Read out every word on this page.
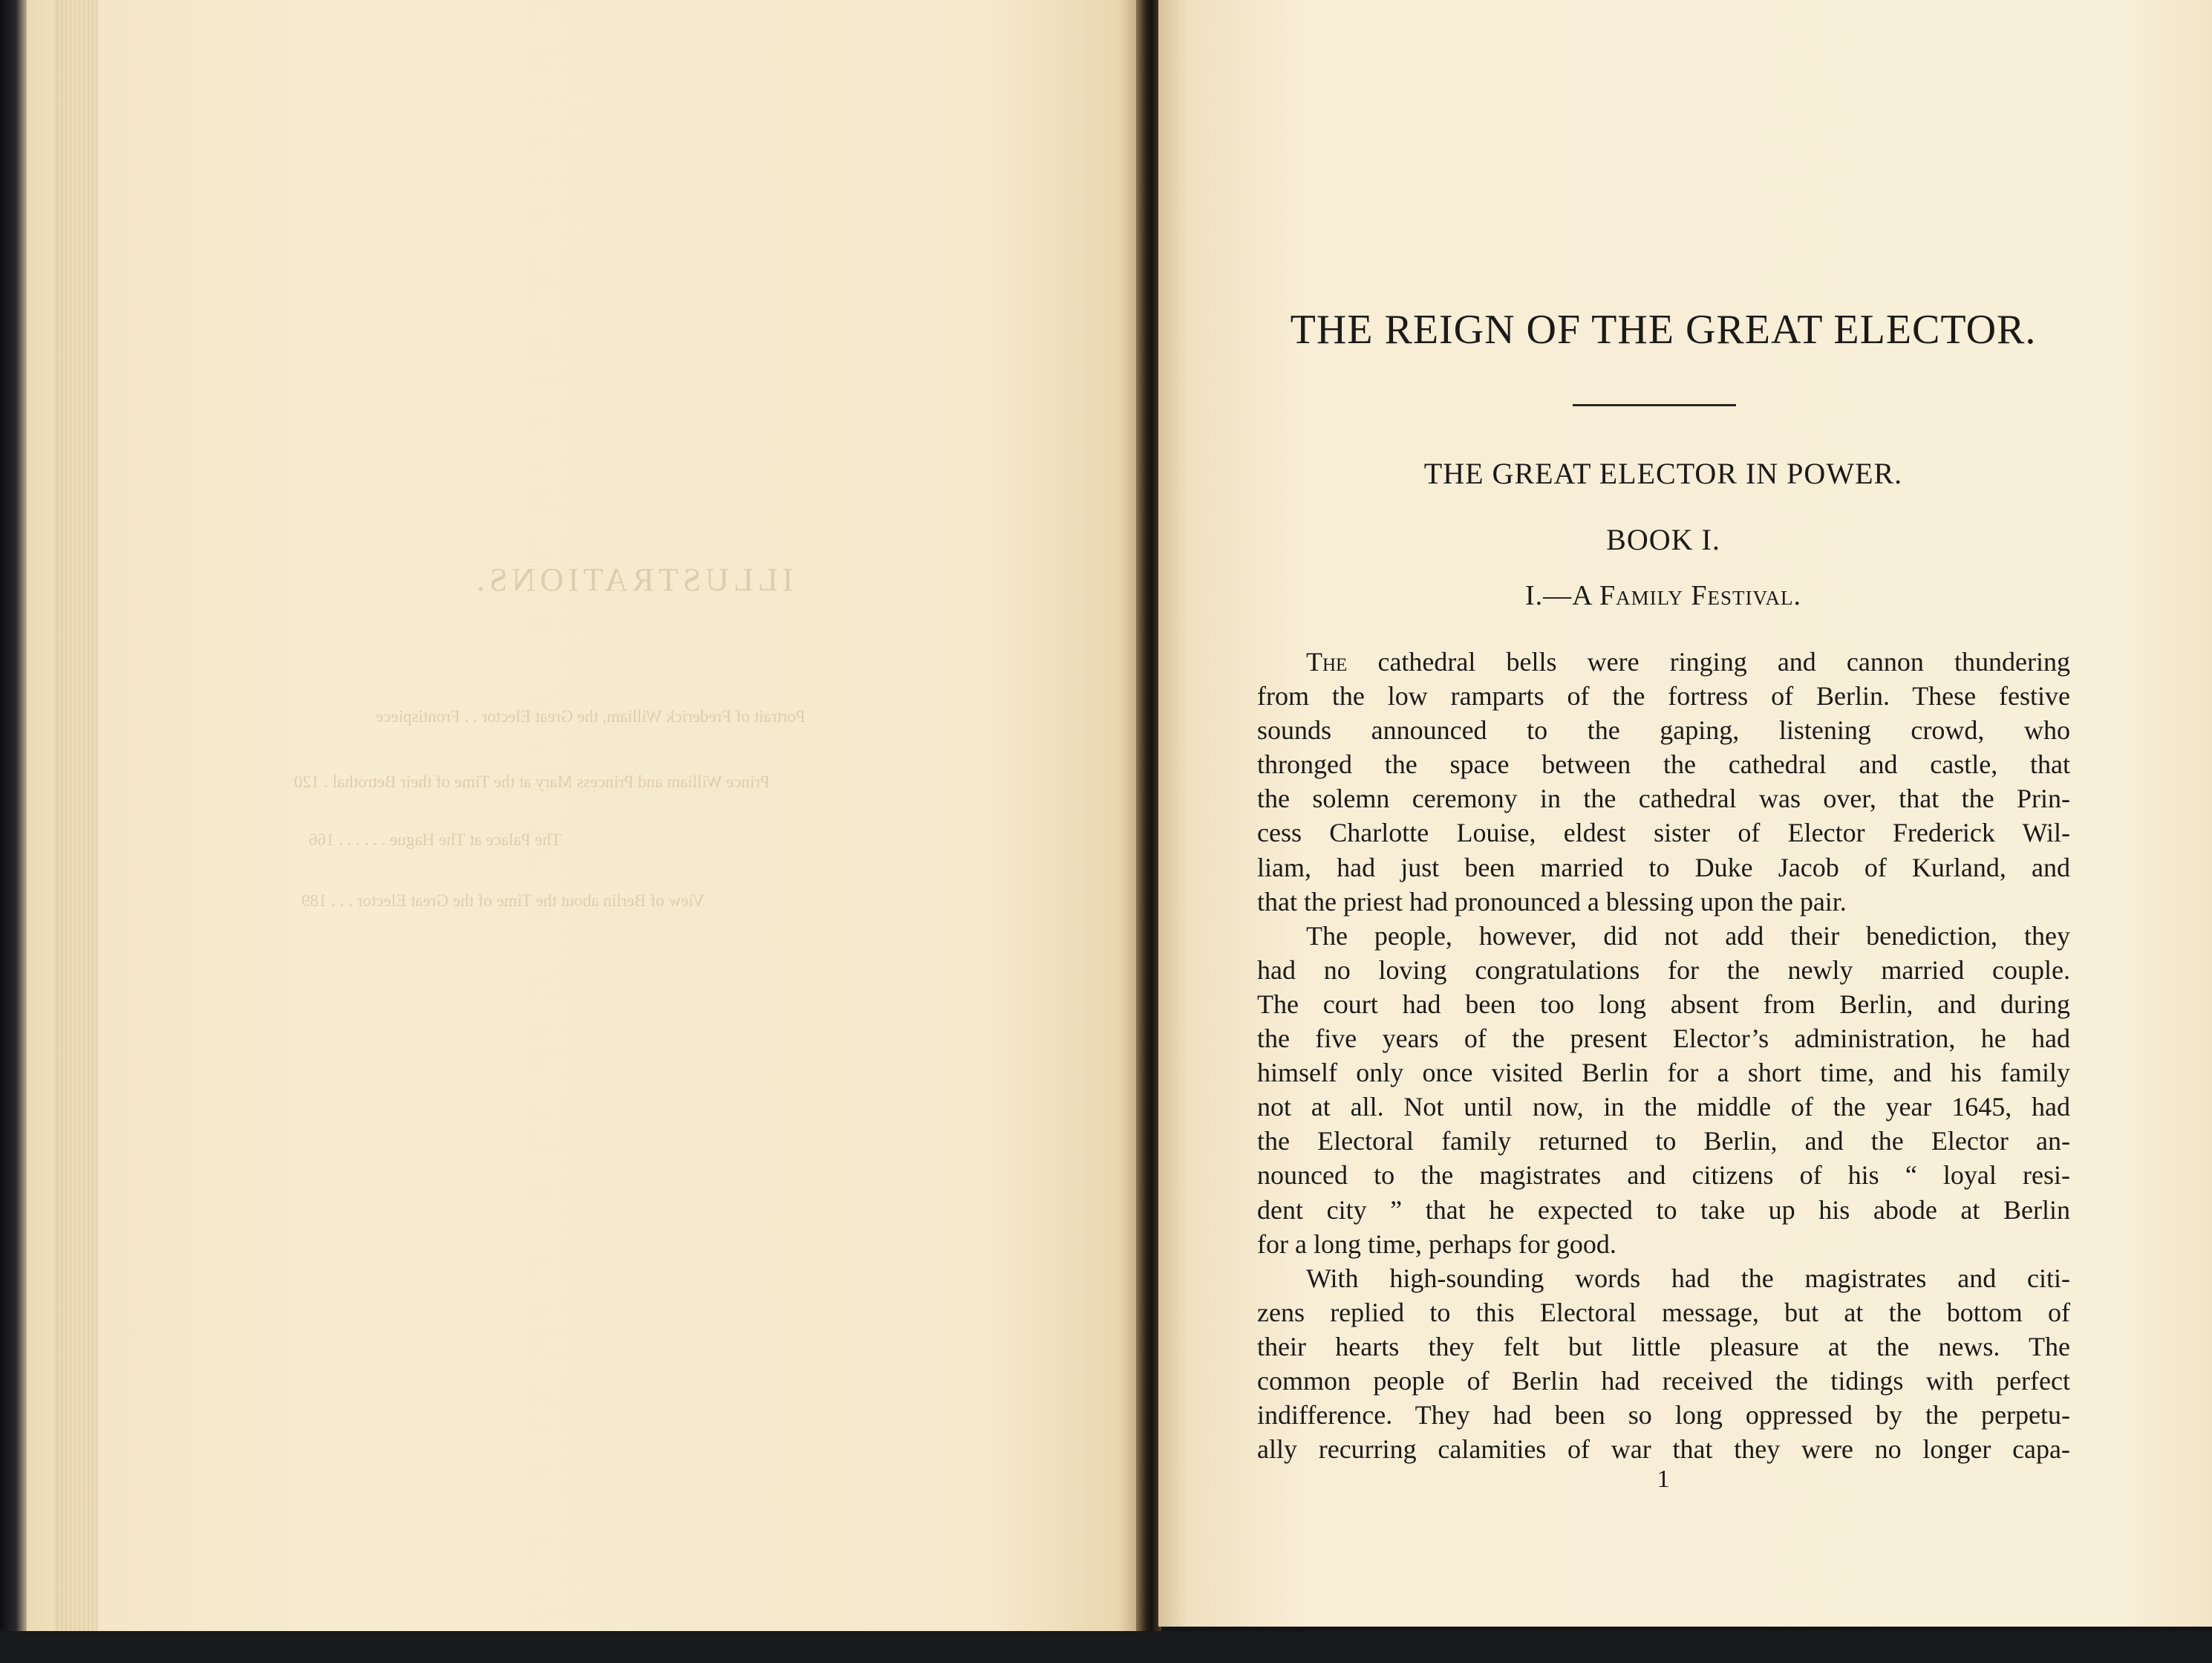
ILLUSTRATIONS.
Portrait of Frederick William, the Great Elector . . Frontispiece
Prince William and Princess Mary at the Time of their Betrothal . 120
The Palace at The Hague . . . . . . 166
View of Berlin about the Time of the Great Elector . . . 189
THE REIGN OF THE GREAT ELECTOR.
THE GREAT ELECTOR IN POWER.
BOOK I.
I.—A Family Festival.
The cathedral bells were ringing and cannon thundering
from the low ramparts of the fortress of Berlin. These festive
sounds announced to the gaping, listening crowd, who
thronged the space between the cathedral and castle, that
the solemn ceremony in the cathedral was over, that the Prin-
cess Charlotte Louise, eldest sister of Elector Frederick Wil-
liam, had just been married to Duke Jacob of Kurland, and
that the priest had pronounced a blessing upon the pair.
The people, however, did not add their benediction, they
had no loving congratulations for the newly married couple.
The court had been too long absent from Berlin, and during
the five years of the present Elector’s administration, he had
himself only once visited Berlin for a short time, and his family
not at all. Not until now, in the middle of the year 1645, had
the Electoral family returned to Berlin, and the Elector an-
nounced to the magistrates and citizens of his “ loyal resi-
dent city ” that he expected to take up his abode at Berlin
for a long time, perhaps for good.
With high-sounding words had the magistrates and citi-
zens replied to this Electoral message, but at the bottom of
their hearts they felt but little pleasure at the news. The
common people of Berlin had received the tidings with perfect
indifference. They had been so long oppressed by the perpetu-
ally recurring calamities of war that they were no longer capa-
1
